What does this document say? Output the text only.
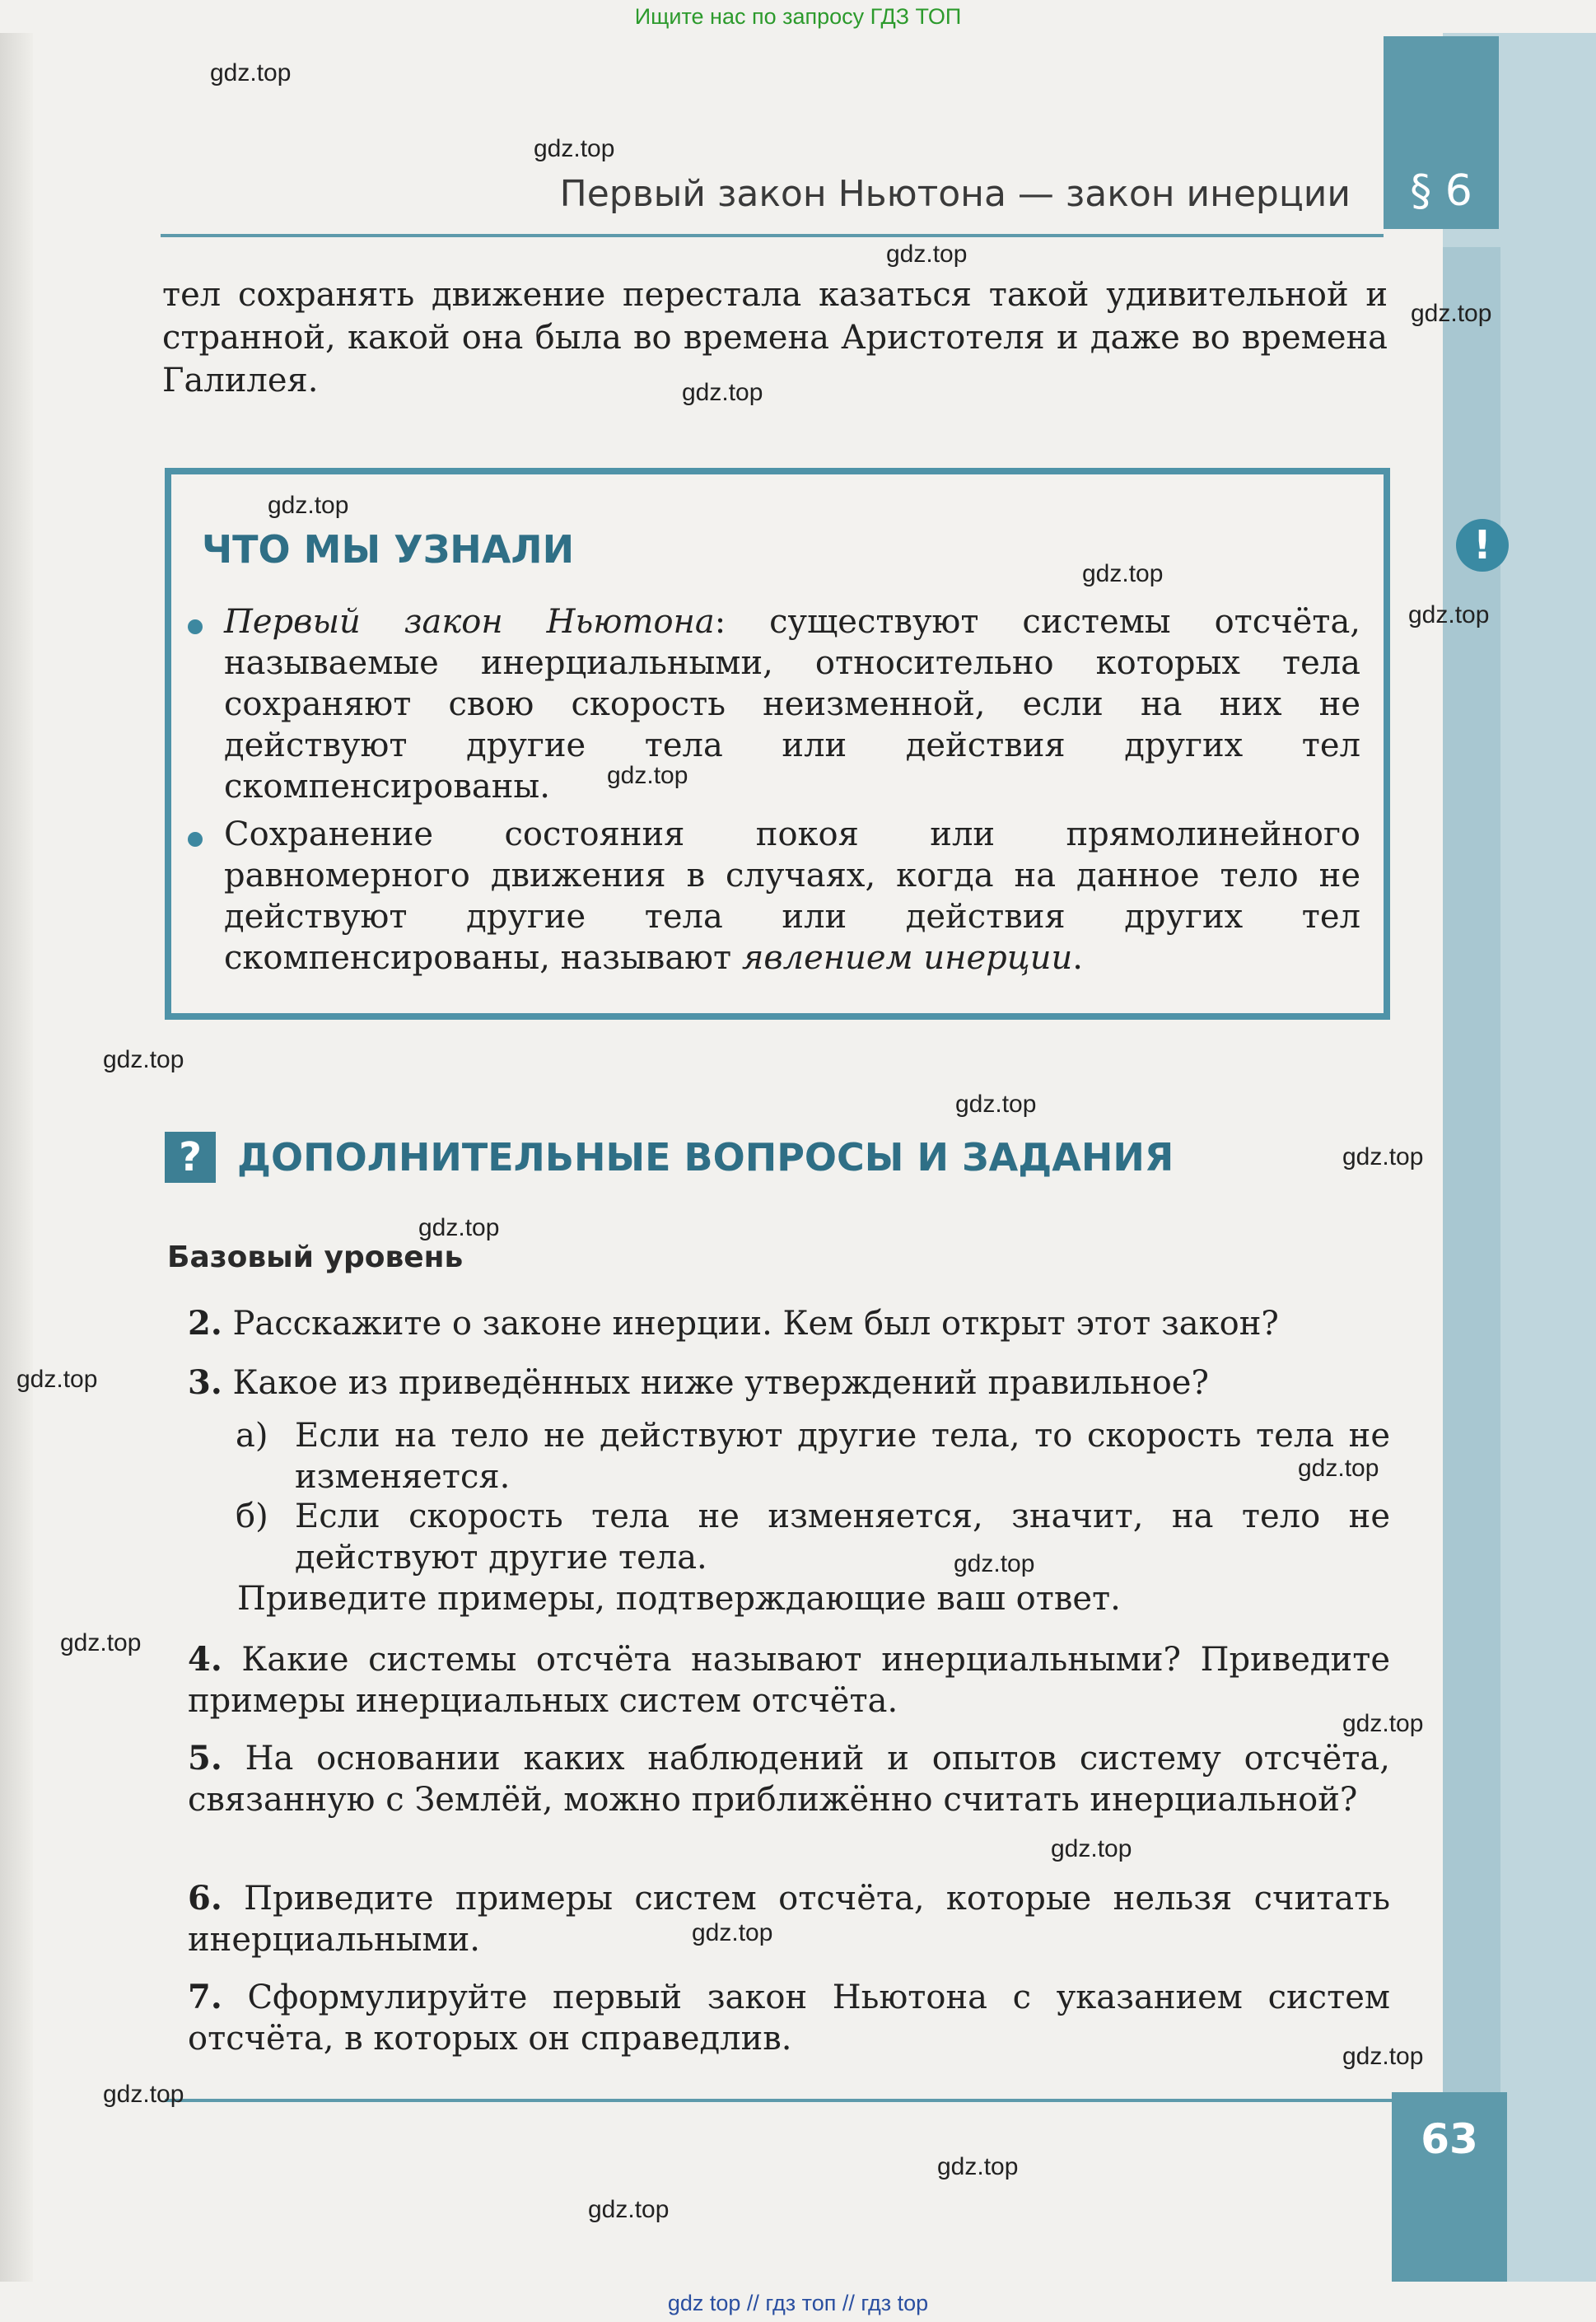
Ищите нас по запросу ГДЗ ТОП
§ 6
Первый закон Ньютона — закон инерции
тел сохранять движение перестала казаться такой удивительной и странной, какой она была во времена Аристотеля и даже во времена Галилея.
ЧТО МЫ УЗНАЛИ
Первый закон Ньютона: существуют системы отсчёта, называемые инерциальными, относительно которых тела сохраняют свою скорость неизменной, если на них не действуют другие тела или действия других тел скомпенсированы.
Сохранение состояния покоя или прямолинейного равномерного движения в случаях, когда на данное тело не действуют другие тела или действия других тел скомпенсированы, называют явлением инерции.
!
? ДОПОЛНИТЕЛЬНЫЕ ВОПРОСЫ И ЗАДАНИЯ
Базовый уровень
2. Расскажите о законе инерции. Кем был открыт этот закон?
3. Какое из приведённых ниже утверждений правильное?
а) Если на тело не действуют другие тела, то скорость тела не изменяется.
б) Если скорость тела не изменяется, значит, на тело не действуют другие тела.
Приведите примеры, подтверждающие ваш ответ.
4. Какие системы отсчёта называют инерциальными? Приведите примеры инерциальных систем отсчёта.
5. На основании каких наблюдений и опытов систему отсчёта, связанную с Землёй, можно приближённо считать инерциальной?
6. Приведите примеры систем отсчёта, которые нельзя считать инерциальными.
7. Сформулируйте первый закон Ньютона с указанием систем отсчёта, в которых он справедлив.
63
gdz.top
gdz.top
gdz.top
gdz.top
gdz.top
gdz.top
gdz.top
gdz.top
gdz.top
gdz.top
gdz.top
gdz.top
gdz.top
gdz.top
gdz.top
gdz.top
gdz.top
gdz.top
gdz.top
gdz.top
gdz.top
gdz.top
gdz.top
gdz.top
gdz top // гдз топ // гдз top
